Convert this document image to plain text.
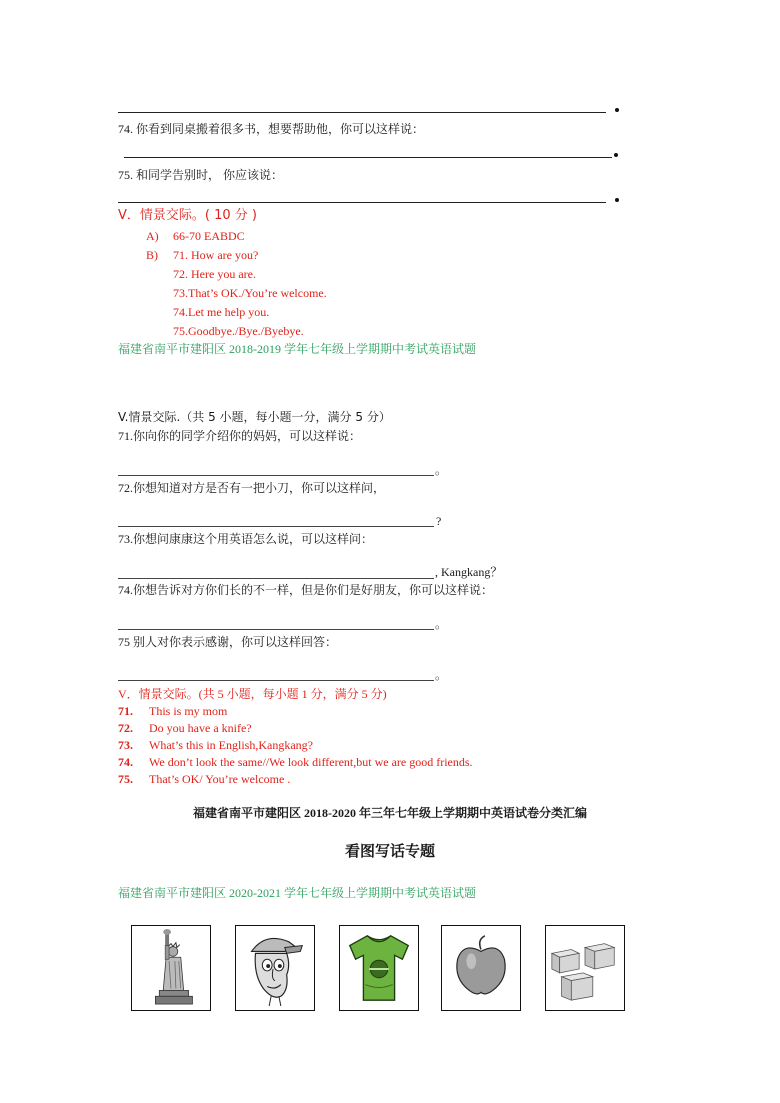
74. 你看到同桌搬着很多书，想要帮助他，你可以这样说：
75. 和同学告别时， 你应该说：
Ⅴ．情景交际。( 10 分 )
A) 66-70 EABDC
B) 71. How are you?
72. Here you are.
73.That’s OK./You’re welcome.
74.Let me help you.
75.Goodbye./Bye./Byebye.
福建省南平市建阳区 2018-2019 学年七年级上学期期中考试英语试题
V.情景交际.（共 5 小题，每小题一分，满分 5 分）
71.你向你的同学介绍你的妈妈，可以这样说：
。
72.你想知道对方是否有一把小刀，你可以这样问，
?
73.你想问康康这个用英语怎么说，可以这样问：
, Kangkang？
74.你想告诉对方你们长的不一样，但是你们是好朋友，你可以这样说：
。
75 别人对你表示感谢，你可以这样回答：
。
V．情景交际。(共 5 小题，每小题 1 分，满分 5 分)
71. This is my mom
72. Do you have a knife?
73. What’s this in English,Kangkang?
74. We don’t look the same//We look different,but we are good friends.
75. That’s OK/ You’re welcome .
福建省南平市建阳区 2018-2020 年三年七年级上学期期中英语试卷分类汇编
看图写话专题
福建省南平市建阳区 2020-2021 学年七年级上学期期中考试英语试题
